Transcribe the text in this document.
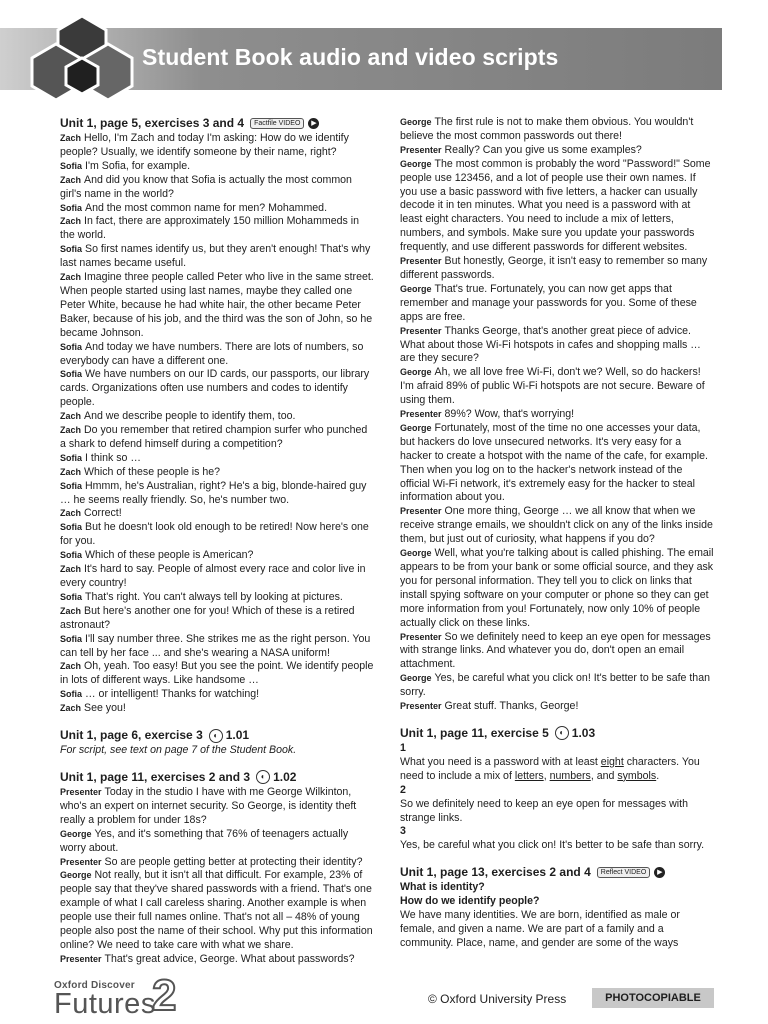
Student Book audio and video scripts
Unit 1, page 5, exercises 3 and 4	Factfile VIDEO	▶

Zach Hello, I'm Zach and today I'm asking: How do we identify people? Usually, we identify someone by their name, right?

Sofia I'm Sofia, for example.

Zach And did you know that Sofia is actually the most common girl's name in the world?

Sofia And the most common name for men? Mohammed.

Zach In fact, there are approximately 150 million Mohammeds in the world.

Sofia So first names identify us, but they aren't enough! That's why last names became useful.

Zach Imagine three people called Peter who live in the same street. When people started using last names, maybe they called one Peter White, because he had white hair, the other became Peter Baker, because of his job, and the third was the son of John, so he became Johnson.

Sofia And today we have numbers. There are lots of numbers, so everybody can have a different one.

Sofia We have numbers on our ID cards, our passports, our library cards. Organizations often use numbers and codes to identify people.

Zach And we describe people to identify them, too.

Zach Do you remember that retired champion surfer who punched a shark to defend himself during a competition?

Sofia I think so …

Zach Which of these people is he?

Sofia Hmmm, he's Australian, right? He's a big, blonde-haired guy … he seems really friendly. So, he's number two.

Zach Correct!

Sofia But he doesn't look old enough to be retired! Now here's one for you.

Sofia Which of these people is American?

Zach It's hard to say. People of almost every race and color live in every country!

Sofia That's right. You can't always tell by looking at pictures.

Zach But here's another one for you! Which of these is a retired astronaut?

Sofia I'll say number three. She strikes me as the right person. You can tell by her face ... and she's wearing a NASA uniform!

Zach Oh, yeah. Too easy! But you see the point. We identify people in lots of different ways. Like handsome …

Sofia … or intelligent! Thanks for watching!

Zach See you!

Unit 1, page 6, exercise 3	◐ 1.01

For script, see text on page 7 of the Student Book.

Unit 1, page 11, exercises 2 and 3	◐ 1.02

Presenter Today in the studio I have with me George Wilkinton, who's an expert on internet security. So George, is identity theft really a problem for under 18s?

George Yes, and it's something that 76% of teenagers actually worry about.

Presenter So are people getting better at protecting their identity?

George Not really, but it isn't all that difficult. For example, 23% of people say that they've shared passwords with a friend. That's one example of what I call careless sharing. Another example is when people use their full names online. That's not all – 48% of young people also post the name of their school. Why put this information online? We need to take care with what we share.

Presenter That's great advice, George. What about passwords?

George The first rule is not to make them obvious. You wouldn't believe the most common passwords out there!

Presenter Really? Can you give us some examples?

George The most common is probably the word "Password!" Some people use 123456, and a lot of people use their own names. If you use a basic password with five letters, a hacker can usually decode it in ten minutes. What you need is a password with at least eight characters. You need to include a mix of letters, numbers, and symbols. Make sure you update your passwords frequently, and use different passwords for different websites.

Presenter But honestly, George, it isn't easy to remember so many different passwords.

George That's true. Fortunately, you can now get apps that remember and manage your passwords for you. Some of these apps are free.

Presenter Thanks George, that's another great piece of advice. What about those Wi-Fi hotspots in cafes and shopping malls … are they secure?

George Ah, we all love free Wi-Fi, don't we? Well, so do hackers! I'm afraid 89% of public Wi-Fi hotspots are not secure. Beware of using them.

Presenter 89%? Wow, that's worrying!

George Fortunately, most of the time no one accesses your data, but hackers do love unsecured networks. It's very easy for a hacker to create a hotspot with the name of the cafe, for example. Then when you log on to the hacker's network instead of the official Wi-Fi network, it's extremely easy for the hacker to steal information about you.

Presenter One more thing, George … we all know that when we receive strange emails, we shouldn't click on any of the links inside them, but just out of curiosity, what happens if you do?

George Well, what you're talking about is called phishing. The email appears to be from your bank or some official source, and they ask you for personal information. They tell you to click on links that install spying software on your computer or phone so they can get more information from you! Fortunately, now only 10% of people actually click on these links.

Presenter So we definitely need to keep an eye open for messages with strange links. And whatever you do, don't open an email attachment.

George Yes, be careful what you click on! It's better to be safe than sorry.

Presenter Great stuff. Thanks, George!

Unit 1, page 11, exercise 5	◐ 1.03

1

What you need is a password with at least eight characters. You need to include a mix of letters, numbers, and symbols.

2

So we definitely need to keep an eye open for messages with strange links.

3

Yes, be careful what you click on! It's better to be safe than sorry.

Unit 1, page 13, exercises 2 and 4	Reflect VIDEO	▶

What is identity?

How do we identify people?

We have many identities. We are born, identified as male or female, and given a name. We are part of a family and a community. Place, name, and gender are some of the ways

Oxford Discover
Futures
2	© Oxford University Press	PHOTOCOPIABLE
